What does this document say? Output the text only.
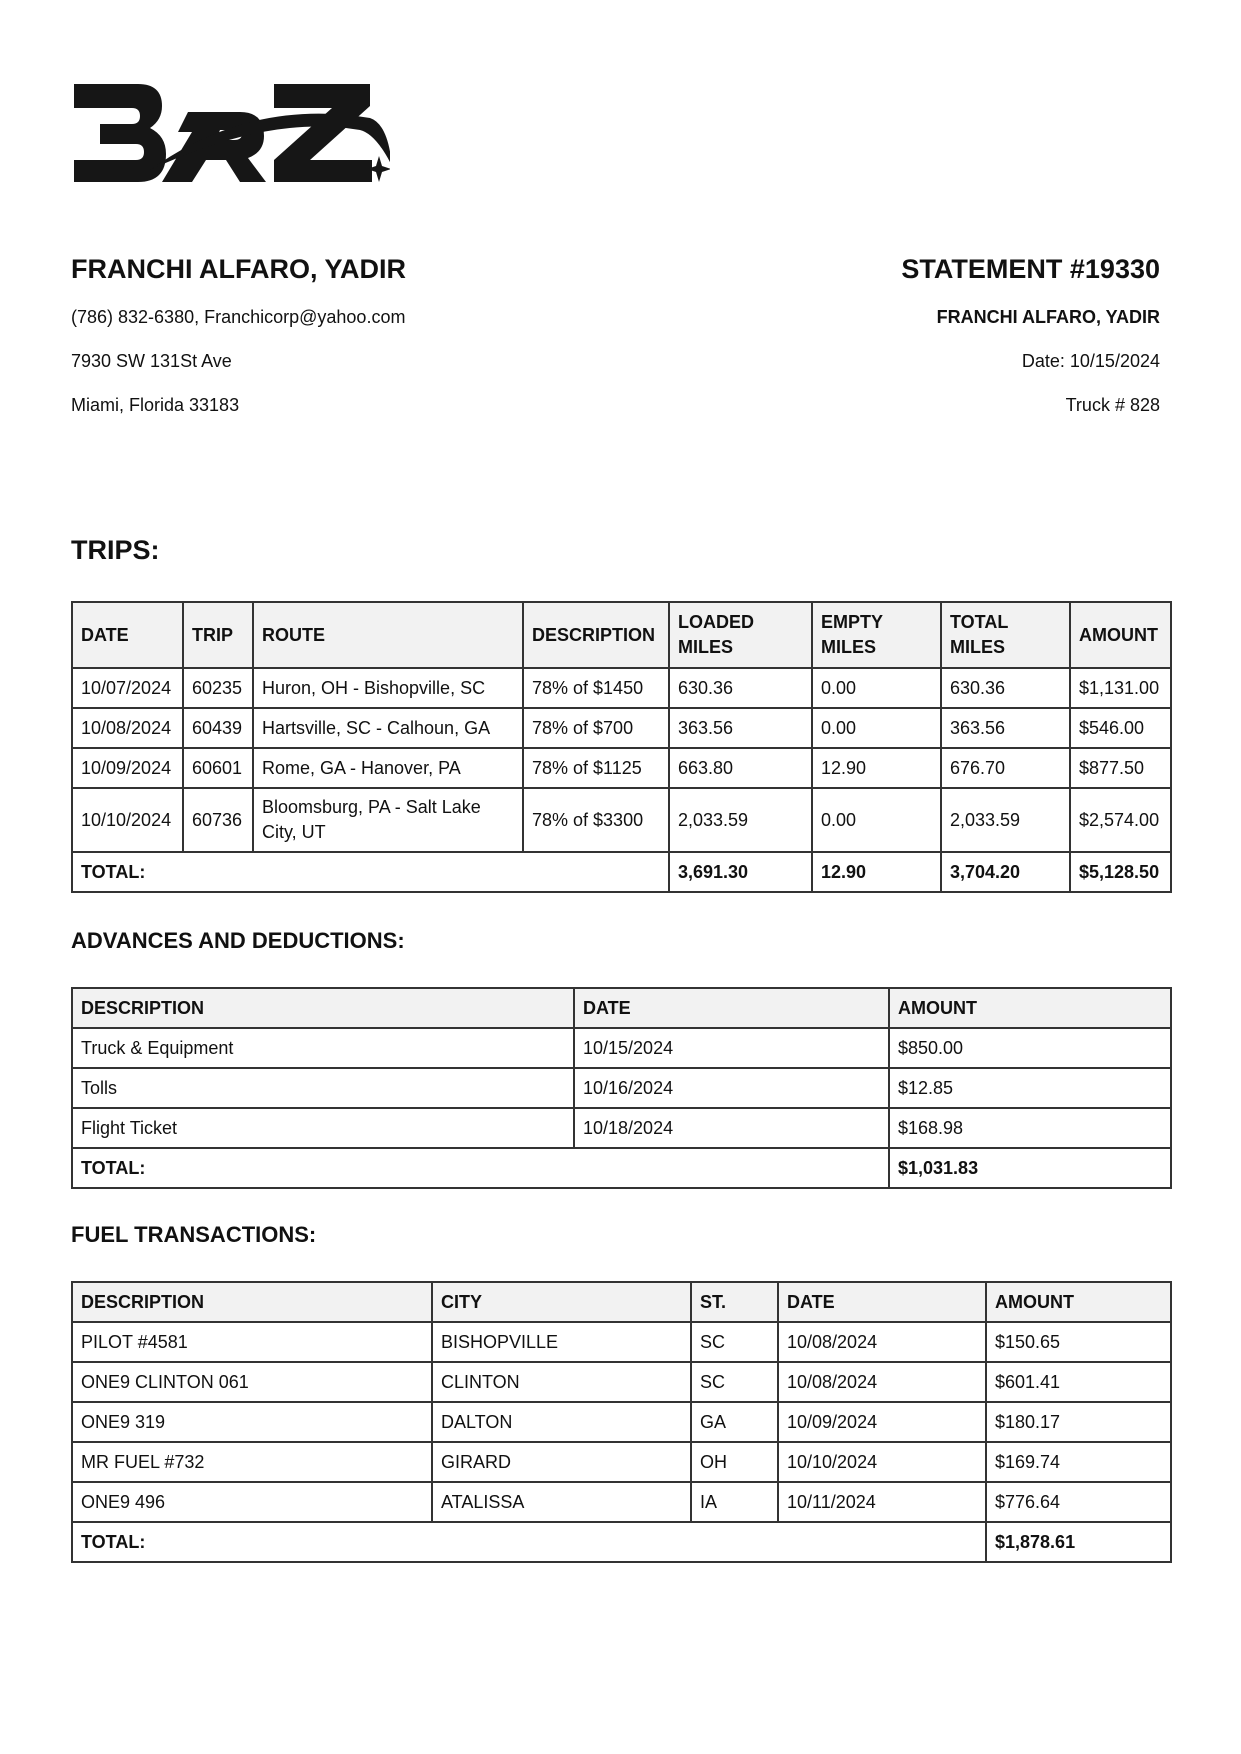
FRANCHI ALFARO, YADIR

(786) 832-6380, Franchicorp@yahoo.com

7930 SW 131St Ave

Miami, Florida 33183

STATEMENT #19330

FRANCHI ALFARO, YADIR

Date: 10/15/2024

Truck # 828

TRIPS:
DATE	TRIP	ROUTE	DESCRIPTION	LOADED MILES	EMPTY MILES	TOTAL MILES	AMOUNT
10/07/2024	60235	Huron, OH - Bishopville, SC	78% of $1450	630.36	0.00	630.36	$1,131.00
10/08/2024	60439	Hartsville, SC - Calhoun, GA	78% of $700	363.56	0.00	363.56	$546.00
10/09/2024	60601	Rome, GA - Hanover, PA	78% of $1125	663.80	12.90	676.70	$877.50
10/10/2024	60736	Bloomsburg, PA - Salt Lake City, UT	78% of $3300	2,033.59	0.00	2,033.59	$2,574.00
TOTAL:				3,691.30	12.90	3,704.20	$5,128.50
ADVANCES AND DEDUCTIONS:
DESCRIPTION	DATE	AMOUNT
Truck & Equipment	10/15/2024	$850.00
Tolls	10/16/2024	$12.85
Flight Ticket	10/18/2024	$168.98
TOTAL:		$1,031.83
FUEL TRANSACTIONS:
DESCRIPTION	CITY	ST.	DATE	AMOUNT
PILOT #4581	BISHOPVILLE	SC	10/08/2024	$150.65
ONE9 CLINTON 061	CLINTON	SC	10/08/2024	$601.41
ONE9 319	DALTON	GA	10/09/2024	$180.17
MR FUEL #732	GIRARD	OH	10/10/2024	$169.74
ONE9 496	ATALISSA	IA	10/11/2024	$776.64
TOTAL:				$1,878.61
